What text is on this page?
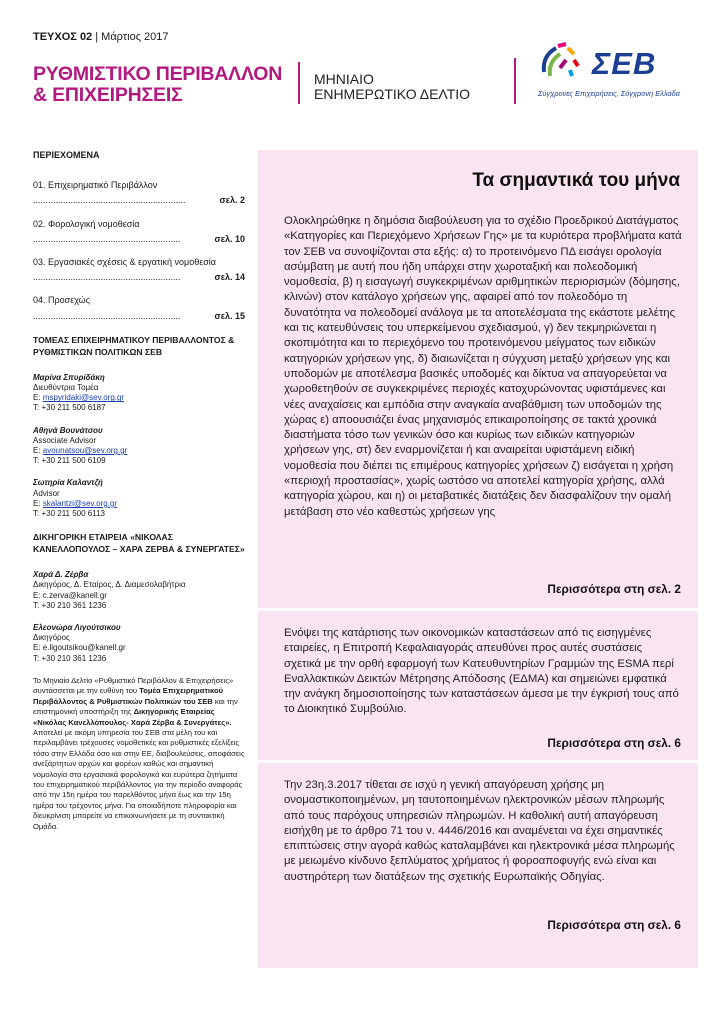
ΤΕΥΧΟΣ 02 | Μάρτιος 2017
ΡΥΘΜΙΣΤΙΚΟ ΠΕΡΙΒΑΛΛΟΝ
& ΕΠΙΧΕΙΡΗΣΕΙΣ
ΜΗΝΙΑΙΟ
ΕΝΗΜΕΡΩΤΙΚΟ ΔΕΛΤΙΟ
ΣΕΒ
Σύγχρονες Επιχειρήσεις, Σύγχρονη Ελλάδα
ΠΕΡΙΕΧΟΜΕΝΑ
01. Επιχειρηματικό Περιβάλλον
.............................................................	σελ. 2
02. Φορολογική νομοθεσία
...........................................................	σελ. 10
03. Εργασιακές σχέσεις & εργατική νομοθεσία
...........................................................	σελ. 14
04. Προσεχώς
...........................................................	σελ. 15
ΤΟΜΕΑΣ ΕΠΙΧΕΙΡΗΜΑΤΙΚΟΥ ΠΕΡΙΒΑΛΛΟΝΤΟΣ & ΡΥΘΜΙΣΤΙΚΩΝ ΠΟΛΙΤΙΚΩΝ ΣΕΒ
Μαρίνα Σπυρίδάκη
Διευθύντρια Τομέα
E: mspyridaki@sev.org.gr
T: +30 211 500 6187
Αθηνά Βουνάτσου
Associate Advisor
E: avounatsou@sev.org.gr
T: +30 211 500 6109
Σωτηρία Καλαντζή
Advisor
E: skalantzi@sev.org.gr
T: +30 211 500 6113
ΔΙΚΗΓΟΡΙΚΗ ΕΤΑΙΡΕΙΑ «ΝΙΚΟΛΑΣ ΚΑΝΕΛΛΟΠΟΥΛΟΣ – ΧΑΡΑ ΖΕΡΒΑ & ΣΥΝΕΡΓΑΤΕΣ»
Χαρά Δ. Ζέρβα
Δικηγόρος, Δ. Εταίρος, Δ. Διαμεσολαβήτρια
E: c.zerva@kanell.gr
T: +30 210 361 1236
Ελεονώρα Λιγούτσικου
Δικηγόρος
E: e.ligoutsikou@kanell.gr
T: +30 210 361 1236
Το Μηνιαίο Δελτίο «Ρυθμιστικό Περιβάλλον & Επιχειρήσεις» συντάσσεται με την ευθύνη του Τομέα Επιχειρηματικού Περιβάλλοντος & Ρυθμιστικών Πολιτικών του ΣΕΒ και την επιστημονική υποστήριξη της Δικηγορικής Εταιρείας «Νικόλας Κανελλόπουλος- Χαρά Ζέρβα & Συνεργάτες». Αποτελεί με ακόμη υπηρεσία του ΣΕΒ στα μέλη του και περιλαμβάνει τρέχουσες νομοθετικές και ρυθμιστικές εξελίξεις τόσο στην Ελλάδα όσο και στην ΕΕ, διαβουλεύσεις, αποφάσεις ανεξάρτητων αρχών και φορέων καθώς και σημαντική νομολογία στα εργασιακά φορολογικά και ευρύτερα ζητήματα του επιχειρηματικού περιβάλλοντος για την περίοδο αναφοράς από την 15η ημέρα του παρελθόντος μήνα έως και την 15η ημέρα του τρέχοντος μήνα. Για οποιαδήποτε πληροφορία και διευκρίνιση μπορείτε να επικοινωνήσετε με τη συντακτική Ομάδα.
Τα σημαντικά του μήνα
Ολοκληρώθηκε η δημόσια διαβούλευση για το σχέδιο Προεδρικού Διατάγματος «Κατηγορίες και Περιεχόμενο Χρήσεων Γης» με τα κυριότερα προβλήματα κατά τον ΣΕΒ να συνοψίζονται στα εξής: α) το προτεινόμενο ΠΔ εισάγει ορολογία ασύμβατη με αυτή που ήδη υπάρχει στην χωροταξική και πολεοδομική νομοθεσία, β) η εισαγωγή συγκεκριμένων αριθμητικών περιορισμών (δόμησης, κλινών) στον κατάλογο χρήσεων γης, αφαιρεί από τον πολεοδόμο τη δυνατότητα να πολεοδομεί ανάλογα με τα αποτελέσματα της εκάστοτε μελέτης και τις κατευθύνσεις του υπερκείμενου σχεδιασμού, γ) δεν τεκμηριώνεται η σκοπιμότητα και το περιεχόμενο του προτεινόμενου μείγματος των ειδικών κατηγοριών χρήσεων γης, δ) διαιωνίζεται η σύγχυση μεταξύ χρήσεων γης και υποδομών με αποτέλεσμα βασικές υποδομές και δίκτυα να απαγορεύεται να χωροθετηθούν σε συγκεκριμένες περιοχές κατοχυρώνοντας υφιστάμενες και νέες αναχαίσεις και εμπόδια στην αναγκαία αναβάθμιση των υποδομών της χώρας ε) αποουσιάζει ένας μηχανισμός επικαιροποίησης σε τακτά χρονικά διαστήματα τόσο των γενικών όσο και κυρίως των ειδικών κατηγοριών χρήσεων γης, στ) δεν εναρμονίζεται ή και αναιρείται υφιστάμενη ειδική νομοθεσία που διέπει τις επιμέρους κατηγορίες χρήσεων ζ) εισάγεται η χρήση «περιοχή προστασίας», χωρίς ωστόσο να αποτελεί κατηγορία χρήσης, αλλά κατηγορία χώρου, και η) οι μεταβατικές διατάξεις δεν διασφαλίζουν την ομαλή μετάβαση στο νέο καθεστώς χρήσεων γης
Περισσότερα στη σελ. 2
Ενόψει της κατάρτισης των οικονομικών καταστάσεων από τις εισηγμένες εταιρείες, η Επιτροπή Κεφαλαιαγοράς απευθύνει προς αυτές συστάσεις σχετικά με την ορθή εφαρμογή των Κατευθυντηρίων Γραμμών της ESMA περί Εναλλακτικών Δεικτών Μέτρησης Απόδοσης (ΕΔΜΑ) και σημειώνει εμφατικά την ανάγκη δημοσιοποίησης των καταστάσεων άμεσα με την έγκρισή τους από το Διοικητικό Συμβούλιο.
Περισσότερα στη σελ. 6
Την 23η.3.2017 τίθεται σε ισχύ η γενική απαγόρευση χρήσης μη ονομαστικοποιημένων, μη ταυτοποιημένων ηλεκτρονικών μέσων πληρωμής από τους παρόχους υπηρεσιών πληρωμών. Η καθολική αυτή απαγόρευση εισήχθη με το άρθρο 71 του ν. 4446/2016 και αναμένεται να έχει σημαντικές επιπτώσεις στην αγορά καθώς καταλαμβάνει και ηλεκτρονικά μέσα πληρωμής με μειωμένο κίνδυνο ξεπλύματος χρήματος ή φοροαποφυγής ενώ είναι και αυστηρότερη των διατάξεων της σχετικής Ευρωπαϊκής Οδηγίας.
Περισσότερα στη σελ. 6
